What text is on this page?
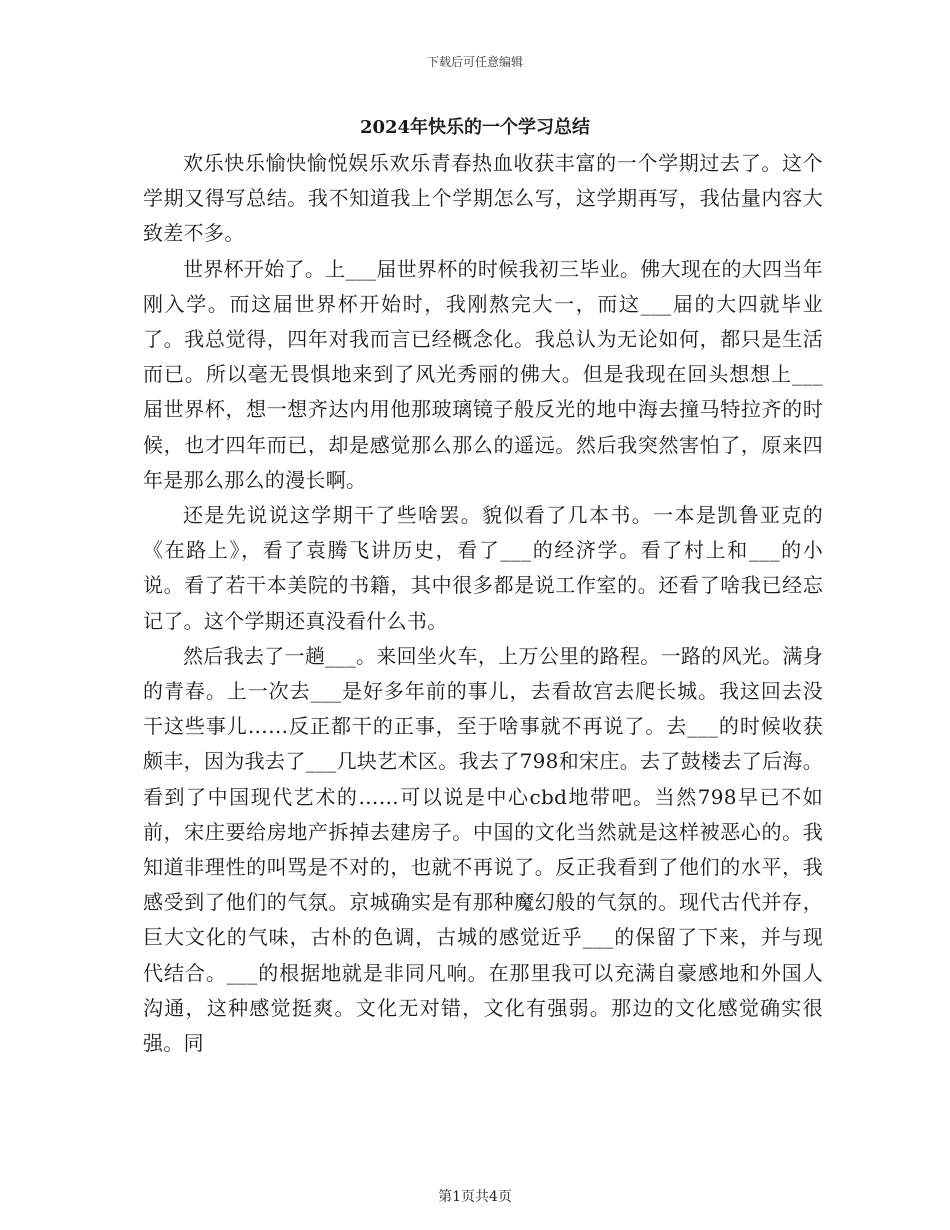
下载后可任意编辑
2024年快乐的一个学习总结

欢乐快乐愉快愉悦娱乐欢乐青春热血收获丰富的一个学期过去了。这个学期又得写总结。我不知道我上个学期怎么写，这学期再写，我估量内容大致差不多。

世界杯开始了。上___届世界杯的时候我初三毕业。佛大现在的大四当年刚入学。而这届世界杯开始时，我刚熬完大一，而这___届的大四就毕业了。我总觉得，四年对我而言已经概念化。我总认为无论如何，都只是生活而已。所以毫无畏惧地来到了风光秀丽的佛大。但是我现在回头想想上___届世界杯，想一想齐达内用他那玻璃镜子般反光的地中海去撞马特拉齐的时候，也才四年而已，却是感觉那么那么的遥远。然后我突然害怕了，原来四年是那么那么的漫长啊。

还是先说说这学期干了些啥罢。貌似看了几本书。一本是凯鲁亚克的《在路上》，看了袁腾飞讲历史，看了___的经济学。看了村上和___的小说。看了若干本美院的书籍，其中很多都是说工作室的。还看了啥我已经忘记了。这个学期还真没看什么书。

然后我去了一趟___。来回坐火车，上万公里的路程。一路的风光。满身的青春。上一次去___是好多年前的事儿，去看故宫去爬长城。我这回去没干这些事儿……反正都干的正事，至于啥事就不再说了。去___的时候收获颇丰，因为我去了___几块艺术区。我去了798和宋庄。去了鼓楼去了后海。看到了中国现代艺术的……可以说是中心cbd地带吧。当然798早已不如前，宋庄要给房地产拆掉去建房子。中国的文化当然就是这样被恶心的。我知道非理性的叫骂是不对的，也就不再说了。反正我看到了他们的水平，我感受到了他们的气氛。京城确实是有那种魔幻般的气氛的。现代古代并存，巨大文化的气味，古朴的色调，古城的感觉近乎___的保留了下来，并与现代结合。___的根据地就是非同凡响。在那里我可以充满自豪感地和外国人沟通，这种感觉挺爽。文化无对错，文化有强弱。那边的文化感觉确实很强。同

第1页共4页
